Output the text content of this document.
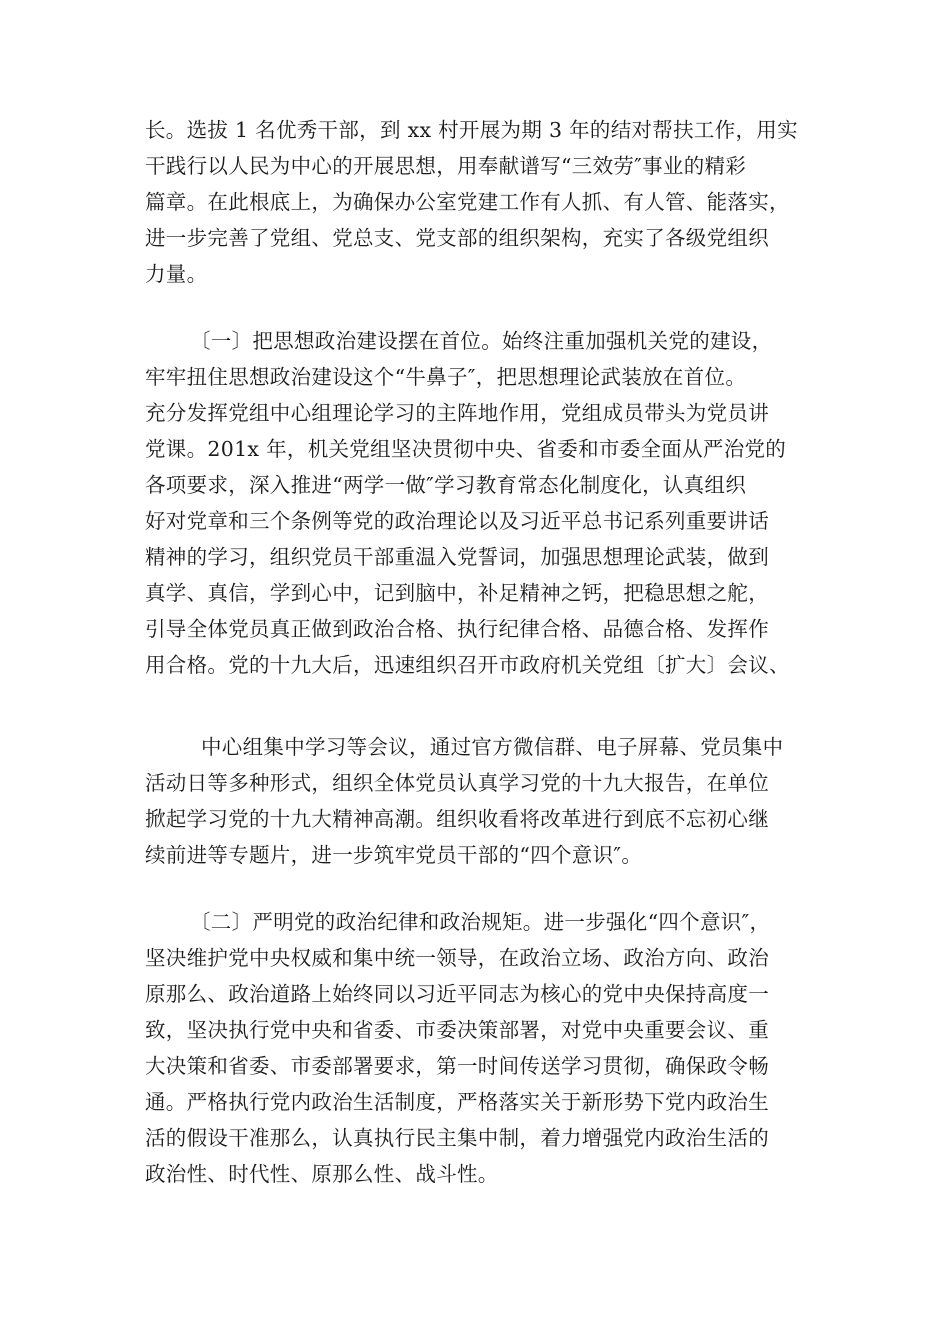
长。选拔 1 名优秀干部，到 xx 村开展为期 3 年的结对帮扶工作，用实
干践行以人民为中心的开展思想，用奉献谱写“三效劳″事业的精彩
篇章。在此根底上，为确保办公室党建工作有人抓、有人管、能落实，
进一步完善了党组、党总支、党支部的组织架构，充实了各级党组织
力量。
〔一〕把思想政治建设摆在首位。始终注重加强机关党的建设，
牢牢扭住思想政治建设这个“牛鼻子″，把思想理论武装放在首位。
充分发挥党组中心组理论学习的主阵地作用，党组成员带头为党员讲
党课。201x 年，机关党组坚决贯彻中央、省委和市委全面从严治党的
各项要求，深入推进“两学一做″学习教育常态化制度化，认真组织
好对党章和三个条例等党的政治理论以及习近平总书记系列重要讲话
精神的学习，组织党员干部重温入党誓词，加强思想理论武装，做到
真学、真信，学到心中，记到脑中，补足精神之钙，把稳思想之舵，
引导全体党员真正做到政治合格、执行纪律合格、品德合格、发挥作
用合格。党的十九大后，迅速组织召开市政府机关党组〔扩大〕会议、
中心组集中学习等会议，通过官方微信群、电子屏幕、党员集中
活动日等多种形式，组织全体党员认真学习党的十九大报告，在单位
掀起学习党的十九大精神高潮。组织收看将改革进行到底不忘初心继
续前进等专题片，进一步筑牢党员干部的“四个意识″。
〔二〕严明党的政治纪律和政治规矩。进一步强化“四个意识″，
坚决维护党中央权威和集中统一领导，在政治立场、政治方向、政治
原那么、政治道路上始终同以习近平同志为核心的党中央保持高度一
致，坚决执行党中央和省委、市委决策部署，对党中央重要会议、重
大决策和省委、市委部署要求，第一时间传送学习贯彻，确保政令畅
通。严格执行党内政治生活制度，严格落实关于新形势下党内政治生
活的假设干准那么，认真执行民主集中制，着力增强党内政治生活的
政治性、时代性、原那么性、战斗性。
